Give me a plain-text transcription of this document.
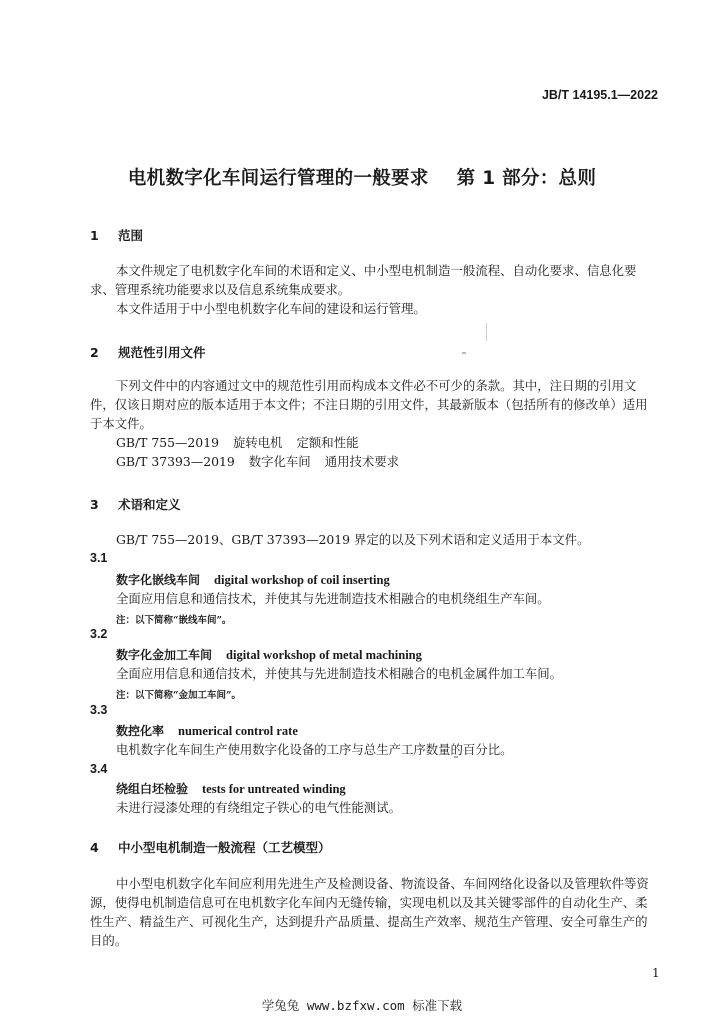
JB/T 14195.1—2022
电机数字化车间运行管理的一般要求 第 1 部分：总则
1 范围
本文件规定了电机数字化车间的术语和定义、中小型电机制造一般流程、自动化要求、信息化要
求、管理系统功能要求以及信息系统集成要求。
本文件适用于中小型电机数字化车间的建设和运行管理。
2 规范性引用文件
下列文件中的内容通过文中的规范性引用而构成本文件必不可少的条款。其中，注日期的引用文
件，仅该日期对应的版本适用于本文件；不注日期的引用文件，其最新版本（包括所有的修改单）适用
于本文件。
GB/T 755—2019 旋转电机 定额和性能
GB/T 37393—2019 数字化车间 通用技术要求
3 术语和定义
GB/T 755—2019、GB/T 37393—2019 界定的以及下列术语和定义适用于本文件。
3.1
数字化嵌线车间 digital workshop of coil inserting
全面应用信息和通信技术，并使其与先进制造技术相融合的电机绕组生产车间。
注：以下简称“嵌线车间”。
3.2
数字化金加工车间 digital workshop of metal machining
全面应用信息和通信技术，并使其与先进制造技术相融合的电机金属件加工车间。
注：以下简称“金加工车间”。
3.3
数控化率 numerical control rate
电机数字化车间生产使用数字化设备的工序与总生产工序数量的百分比。
3.4
绕组白坯检验 tests for untreated winding
未进行浸漆处理的有绕组定子铁心的电气性能测试。
4 中小型电机制造一般流程（工艺模型）
中小型电机数字化车间应利用先进生产及检测设备、物流设备、车间网络化设备以及管理软件等资
源，使得电机制造信息可在电机数字化车间内无缝传输，实现电机以及其关键零部件的自动化生产、柔
性生产、精益生产、可视化生产，达到提升产品质量、提高生产效率、规范生产管理、安全可靠生产的
目的。
1
学兔兔 www.bzfxw.com 标准下载
